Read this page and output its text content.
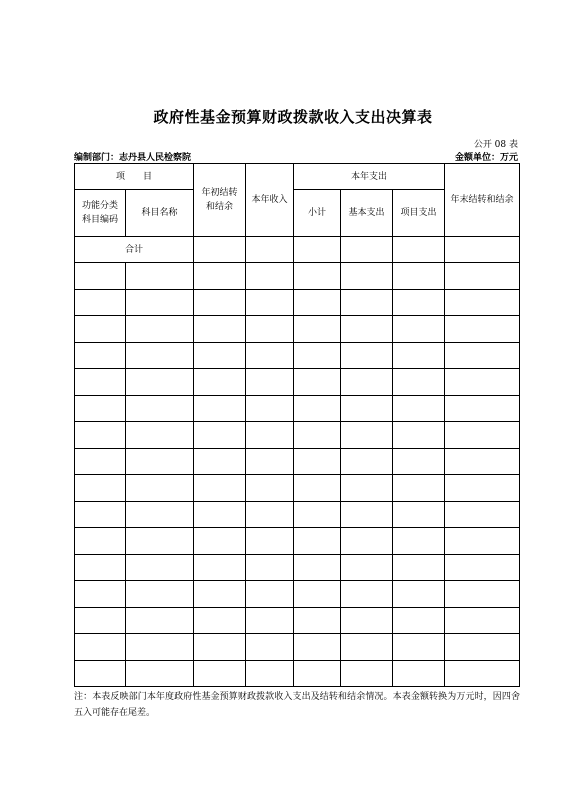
政府性基金预算财政拨款收入支出决算表
公开 08 表
编制部门：志丹县人民检察院	金额单位：万元
项　　目		年初结转和结余	本年收入	本年支出			年末结转和结余

功能分类科目编码	科目名称			小计	基本支出	项目支出	
合计							

注：本表反映部门本年度政府性基金预算财政拨款收入支出及结转和结余情况。本表金额转换为万元时，因四舍五入可能存在尾差。
